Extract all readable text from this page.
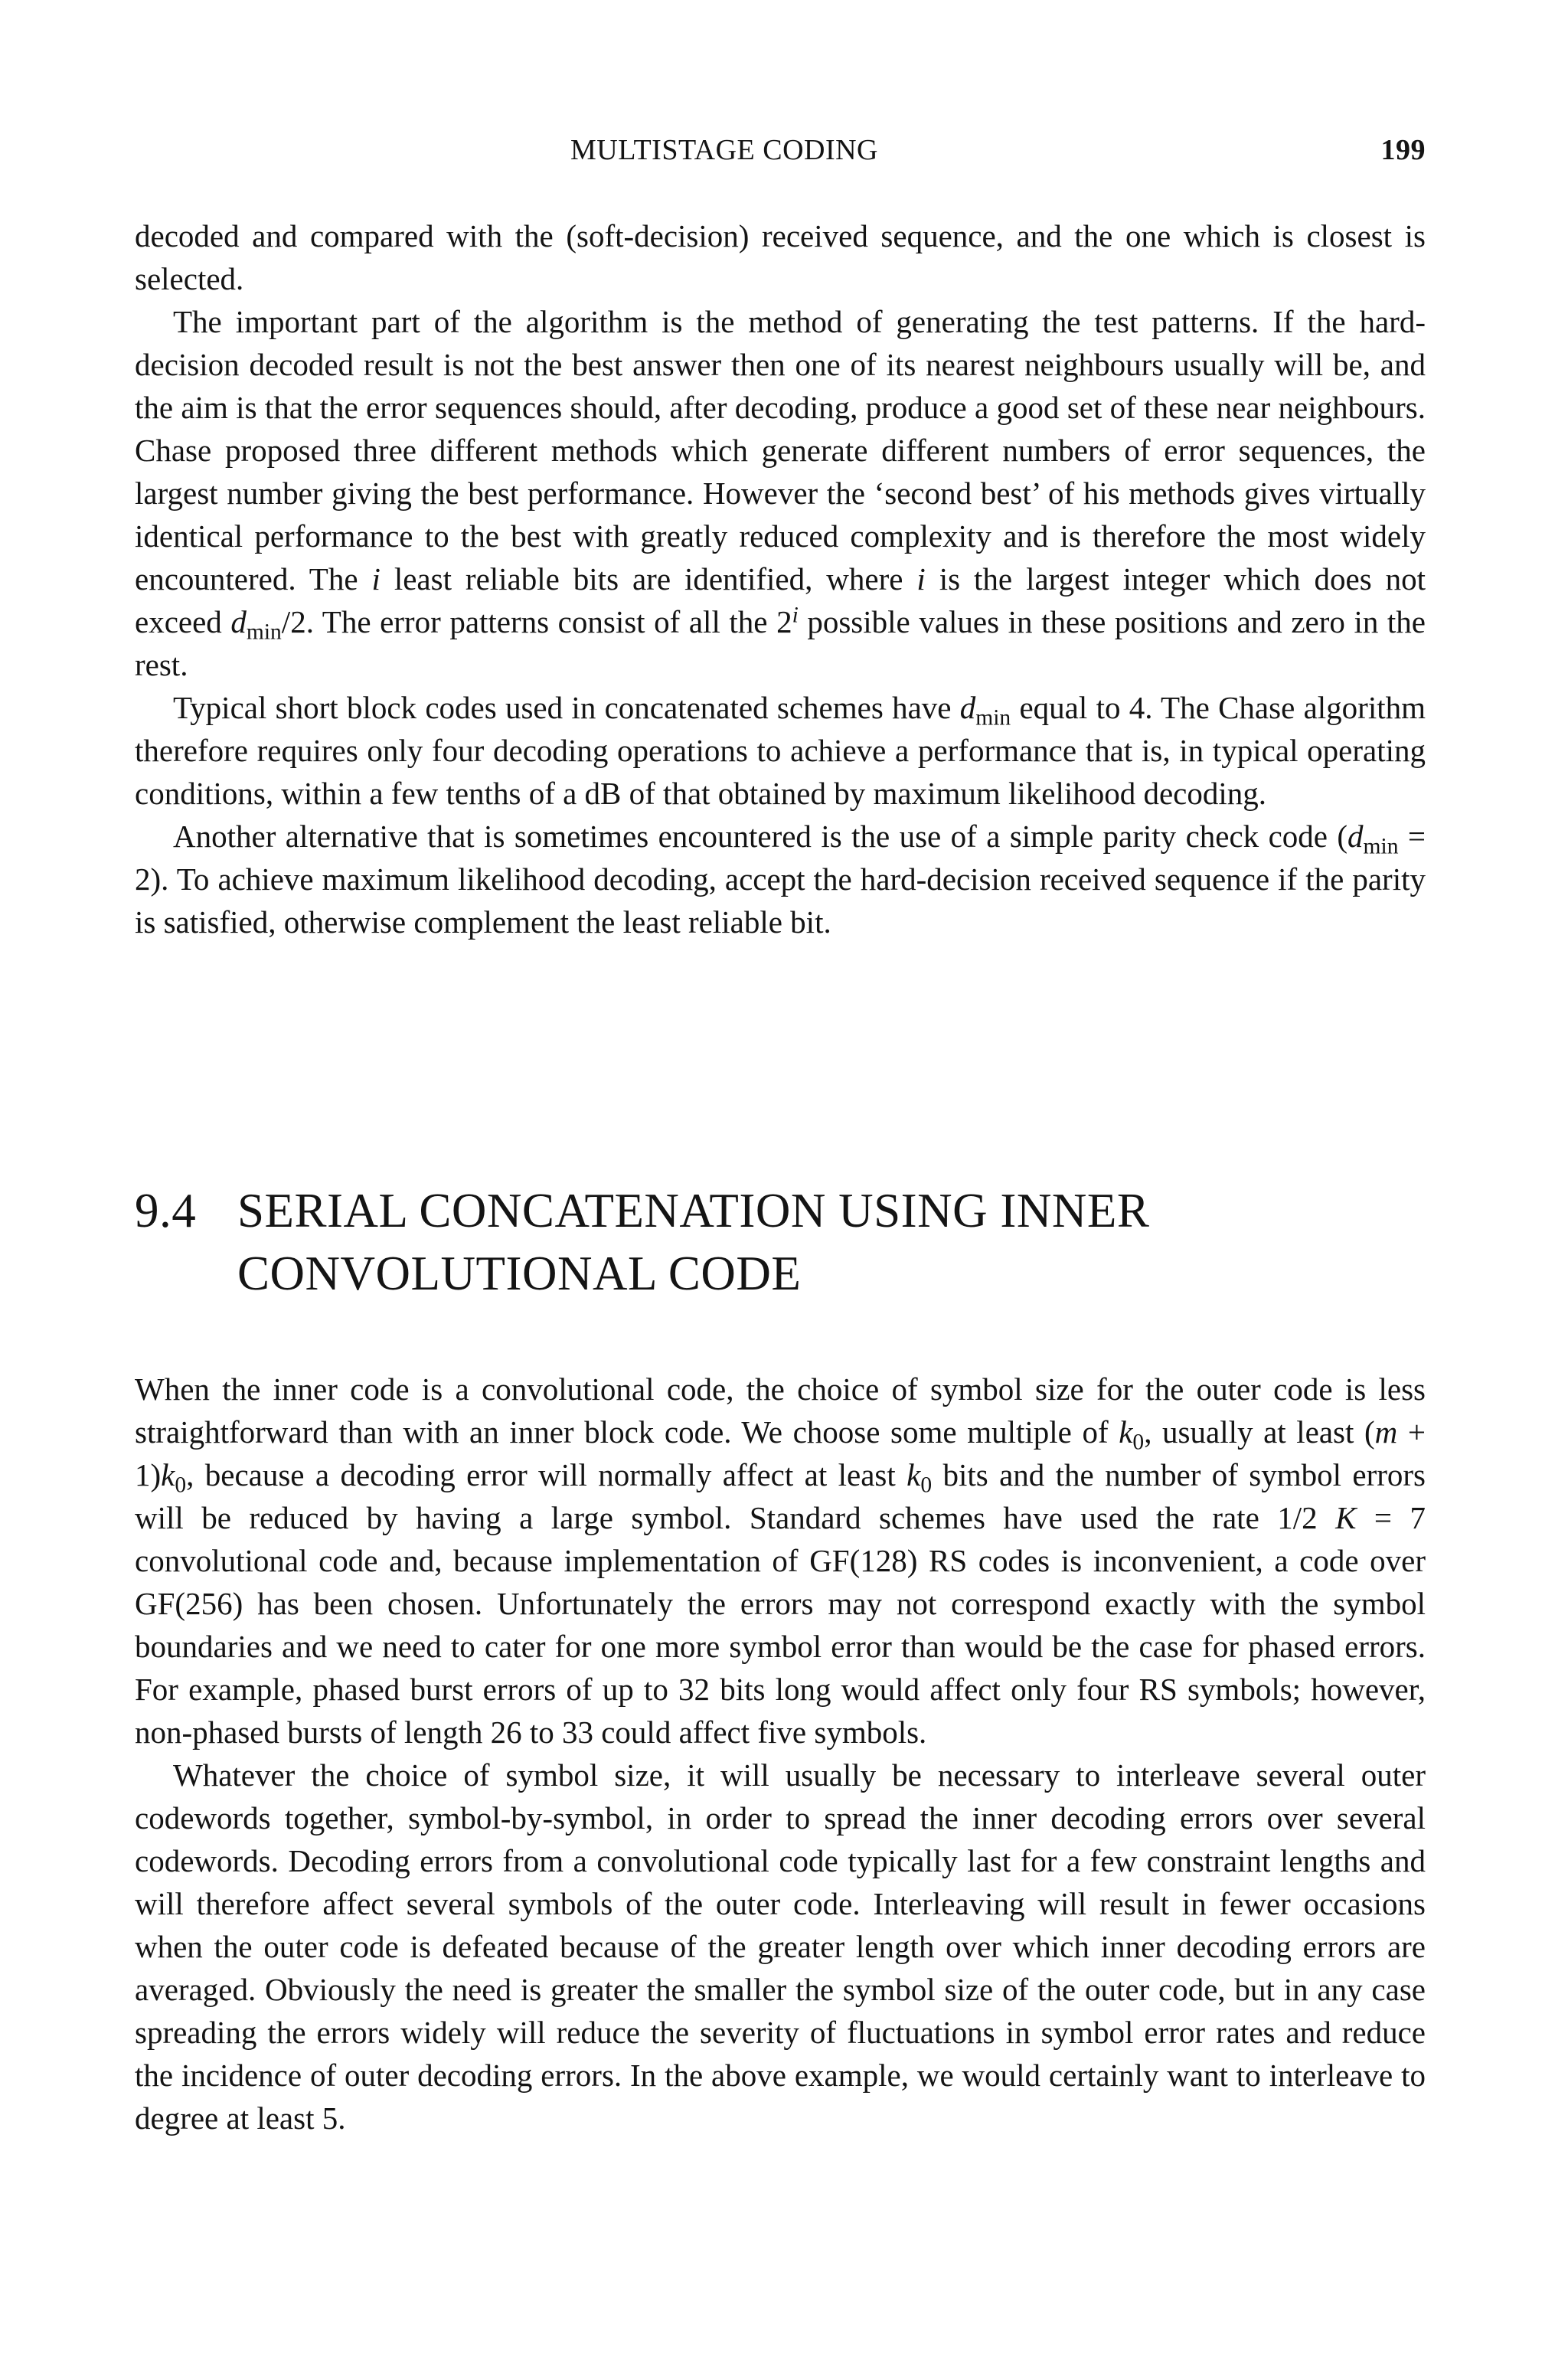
MULTISTAGE CODING	199

decoded and compared with the (soft-decision) received sequence, and the one which is closest is selected.

The important part of the algorithm is the method of generating the test patterns. If the hard-decision decoded result is not the best answer then one of its nearest neighbours usually will be, and the aim is that the error sequences should, after decoding, produce a good set of these near neighbours. Chase proposed three different methods which generate different numbers of error sequences, the largest number giving the best performance. However the ‘second best’ of his methods gives virtually identical performance to the best with greatly reduced complexity and is therefore the most widely encountered. The i least reliable bits are identified, where i is the largest integer which does not exceed $d_{min}/2$. The error patterns consist of all the 2$^i$ possible values in these positions and zero in the rest.

Typical short block codes used in concatenated schemes have $d_{min}$ equal to 4. The Chase algorithm therefore requires only four decoding operations to achieve a performance that is, in typical operating conditions, within a few tenths of a dB of that obtained by maximum likelihood decoding.

Another alternative that is sometimes encountered is the use of a simple parity check code $(d_{min} = 2)$. To achieve maximum likelihood decoding, accept the hard-decision received sequence if the parity is satisfied, otherwise complement the least reliable bit.

9.4 SERIAL CONCATENATION USING INNER CONVOLUTIONAL CODE

When the inner code is a convolutional code, the choice of symbol size for the outer code is less straightforward than with an inner block code. We choose some multiple of $k_0$, usually at least $(m + 1)k_0$, because a decoding error will normally affect at least $k_0$ bits and the number of symbol errors will be reduced by having a large symbol. Standard schemes have used the rate 1/2 K = 7 convolutional code and, because implementation of GF(128) RS codes is inconvenient, a code over GF(256) has been chosen. Unfortunately the errors may not correspond exactly with the symbol boundaries and we need to cater for one more symbol error than would be the case for phased errors. For example, phased burst errors of up to 32 bits long would affect only four RS symbols; however, non-phased bursts of length 26 to 33 could affect five symbols.

Whatever the choice of symbol size, it will usually be necessary to interleave several outer codewords together, symbol-by-symbol, in order to spread the inner decoding errors over several codewords. Decoding errors from a convolutional code typically last for a few constraint lengths and will therefore affect several symbols of the outer code. Interleaving will result in fewer occasions when the outer code is defeated because of the greater length over which inner decoding errors are averaged. Obviously the need is greater the smaller the symbol size of the outer code, but in any case spreading the errors widely will reduce the severity of fluctuations in symbol error rates and reduce the incidence of outer decoding errors. In the above example, we would certainly want to interleave to degree at least 5.
